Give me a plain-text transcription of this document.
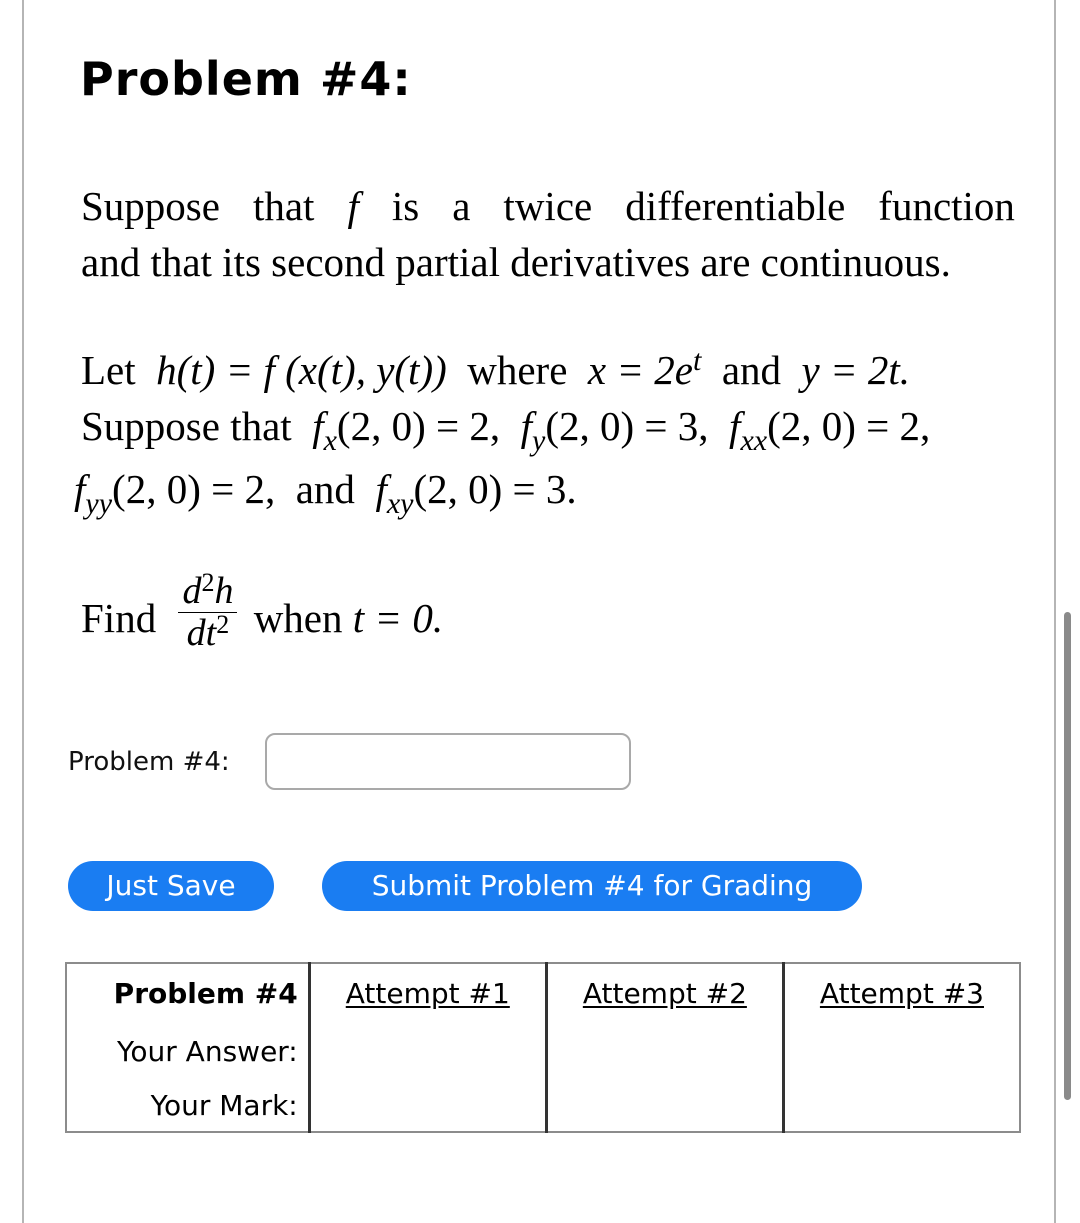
Problem #4:
Suppose that f is a twice differentiable function
and that its second partial derivatives are continuous.
Let h(t) = f (x(t), y(t)) where $x = 2e^t$ and y = 2t.
Suppose that $f_x(2$, 0) = 2, $f_y(2$, 0) = 3, $f_{xx}(2$, 0) = 2,
$f_{yy}(2$, 0) = 2, and $f_{xy}(2$, 0) = 3.
Find $\frac{d^2h}{dt^2}$ when t = 0.
Problem #4:
Just Save	Submit Problem #4 for Grading
Problem #4	Attempt #1	Attempt #2	Attempt #3
Your Answer:			
Your Mark:			
